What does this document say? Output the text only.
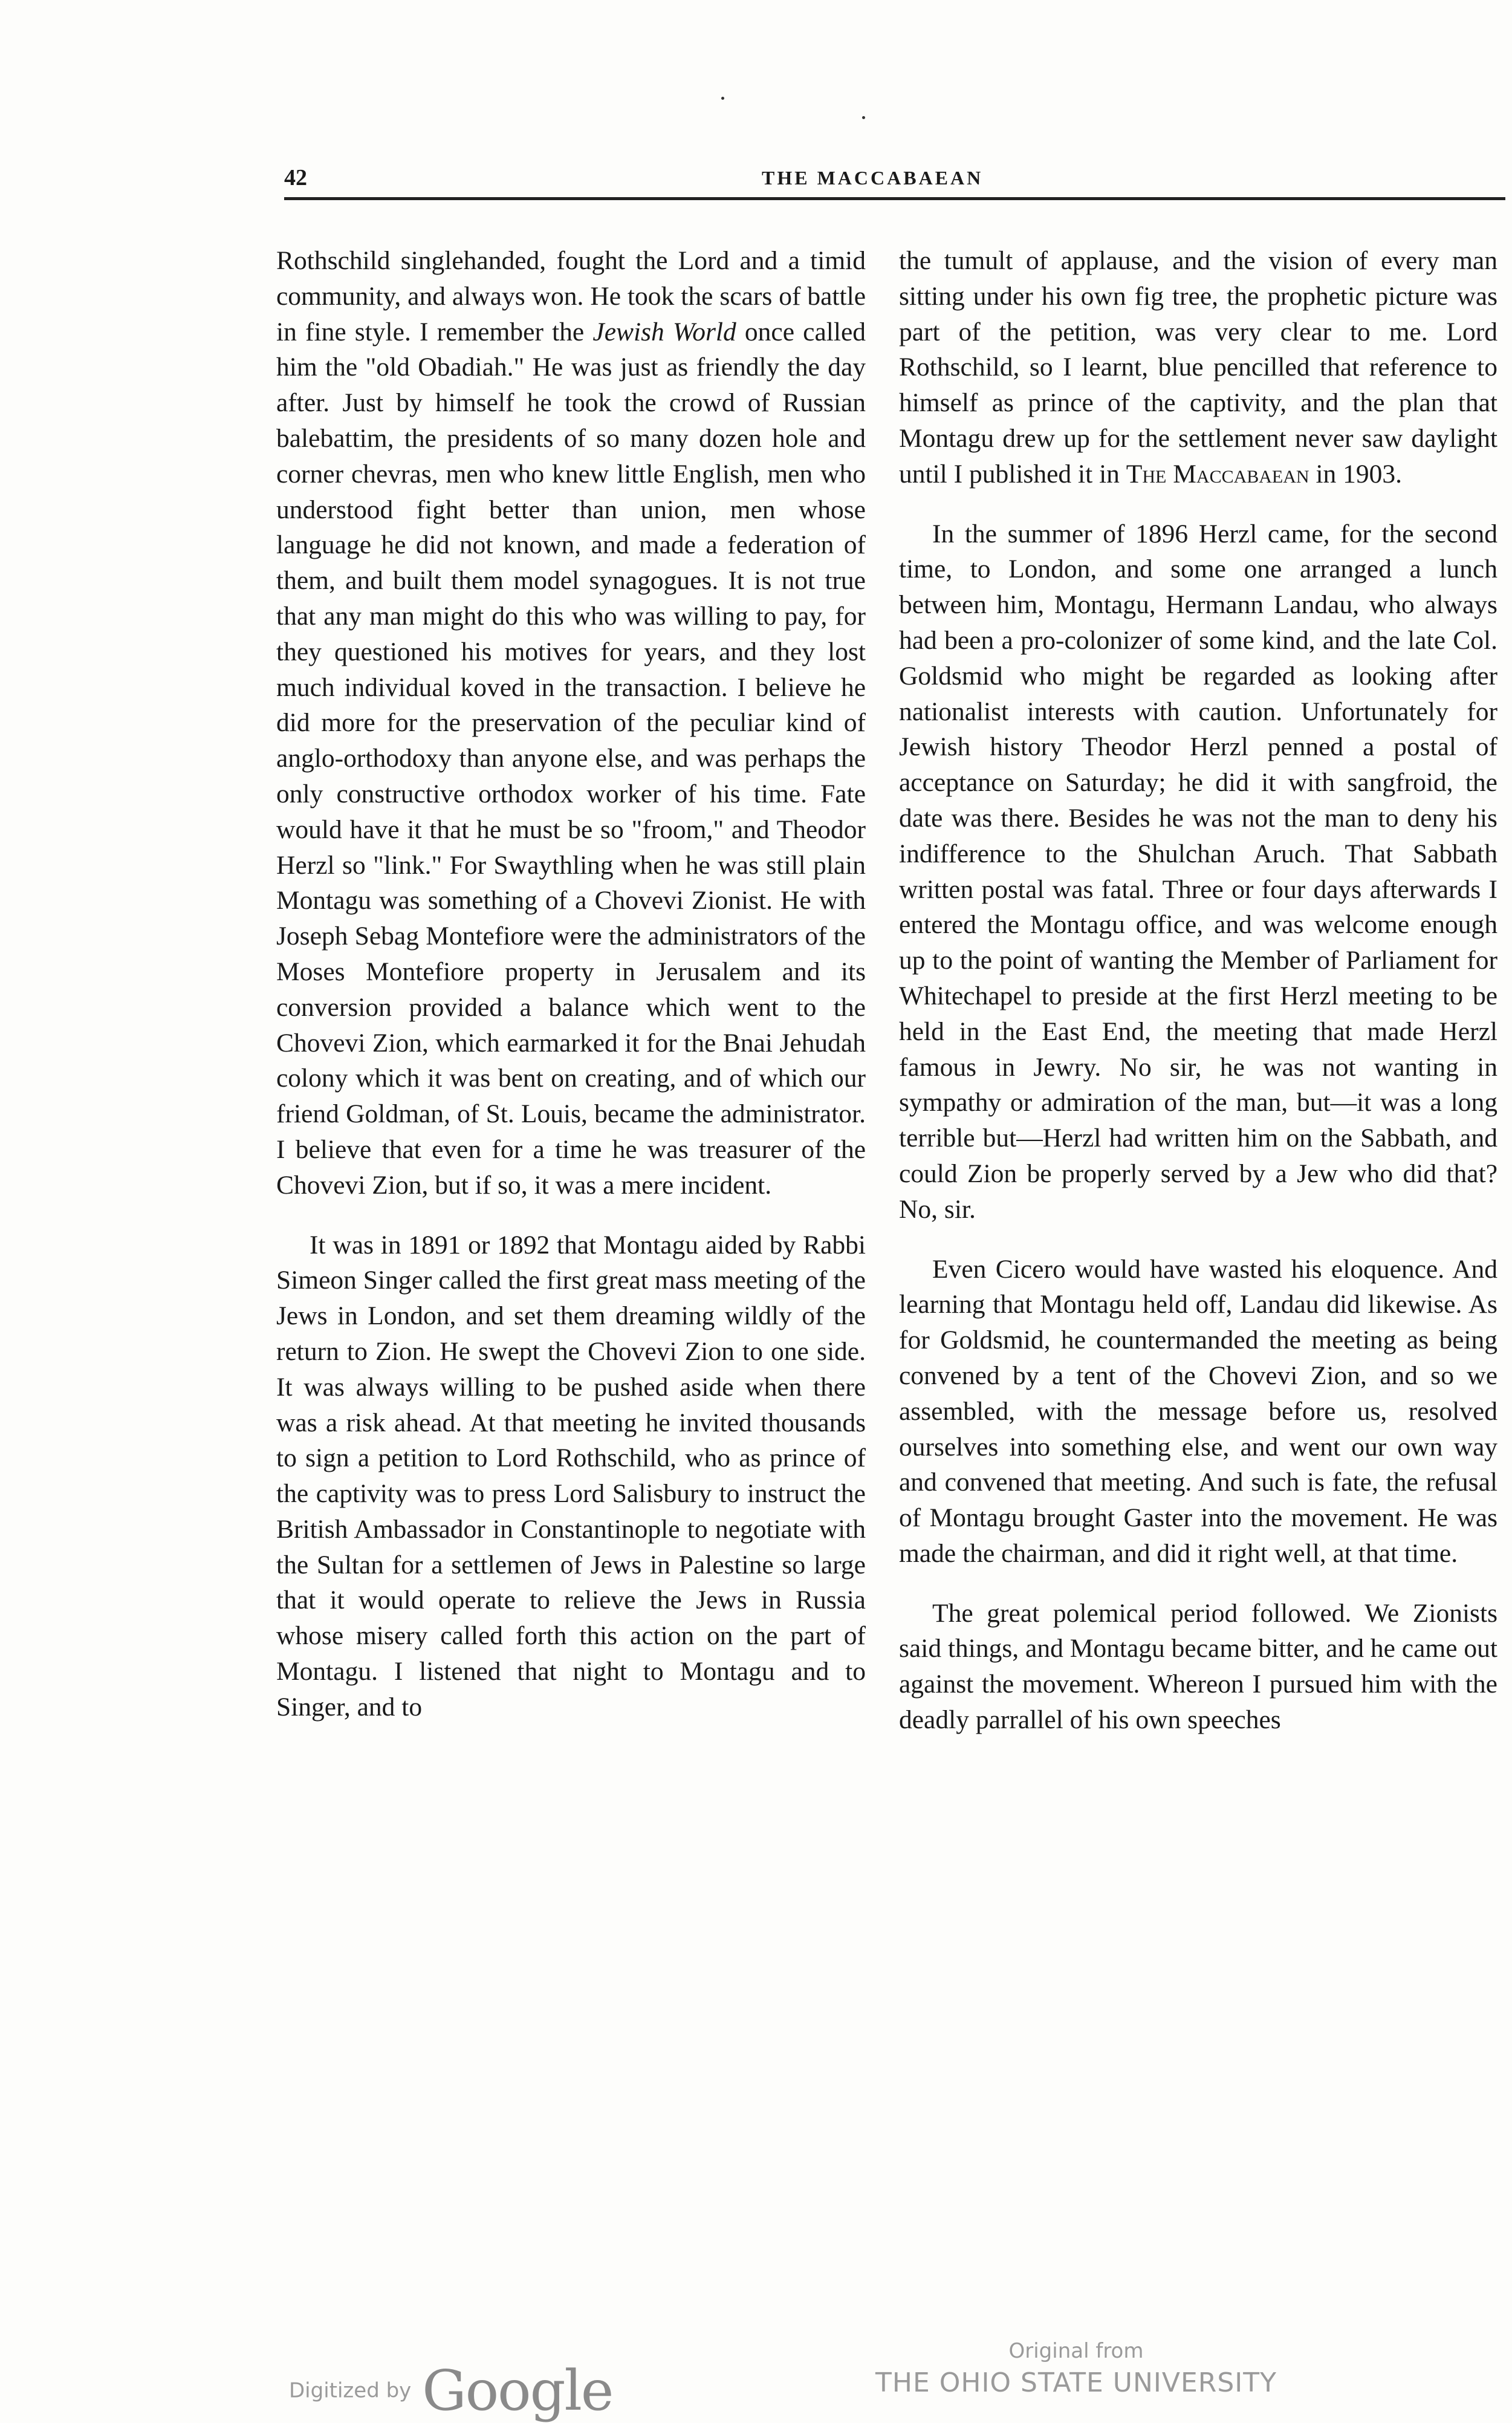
42	THE MACCABAEAN

Rothschild singlehanded, fought the Lord and a timid community, and always won. He took the scars of battle in fine style. I remember the Jewish World once called him the "old Obadiah." He was just as friendly the day after. Just by himself he took the crowd of Russian balebattim, the presidents of so many dozen hole and corner chevras, men who knew little English, men who understood fight better than union, men whose language he did not known, and made a federation of them, and built them model synagogues. It is not true that any man might do this who was willing to pay, for they questioned his motives for years, and they lost much individual koved in the transaction. I believe he did more for the preservation of the peculiar kind of anglo-orthodoxy than anyone else, and was perhaps the only constructive orthodox worker of his time. Fate would have it that he must be so "froom," and Theodor Herzl so "link." For Swaythling when he was still plain Montagu was something of a Chovevi Zionist. He with Joseph Sebag Montefiore were the administrators of the Moses Montefiore property in Jerusalem and its conversion provided a balance which went to the Chovevi Zion, which earmarked it for the Bnai Jehudah colony which it was bent on creating, and of which our friend Goldman, of St. Louis, became the administrator. I believe that even for a time he was treasurer of the Chovevi Zion, but if so, it was a mere incident.

It was in 1891 or 1892 that Montagu aided by Rabbi Simeon Singer called the first great mass meeting of the Jews in London, and set them dreaming wildly of the return to Zion. He swept the Chovevi Zion to one side. It was always willing to be pushed aside when there was a risk ahead. At that meeting he invited thousands to sign a petition to Lord Rothschild, who as prince of the captivity was to press Lord Salisbury to instruct the British Ambassador in Constantinople to negotiate with the Sultan for a settlemen of Jews in Palestine so large that it would operate to relieve the Jews in Russia whose misery called forth this action on the part of Montagu. I listened that night to Montagu and to Singer, and to

the tumult of applause, and the vision of every man sitting under his own fig tree, the prophetic picture was part of the petition, was very clear to me. Lord Rothschild, so I learnt, blue pencilled that reference to himself as prince of the captivity, and the plan that Montagu drew up for the settlement never saw daylight until I published it in The Maccabaean in 1903.

In the summer of 1896 Herzl came, for the second time, to London, and some one arranged a lunch between him, Montagu, Hermann Landau, who always had been a pro-colonizer of some kind, and the late Col. Goldsmid who might be regarded as looking after nationalist interests with caution. Unfortunately for Jewish history Theodor Herzl penned a postal of acceptance on Saturday; he did it with sangfroid, the date was there. Besides he was not the man to deny his indifference to the Shulchan Aruch. That Sabbath written postal was fatal. Three or four days afterwards I entered the Montagu office, and was welcome enough up to the point of wanting the Member of Parliament for Whitechapel to preside at the first Herzl meeting to be held in the East End, the meeting that made Herzl famous in Jewry. No sir, he was not wanting in sympathy or admiration of the man, but—it was a long terrible but—Herzl had written him on the Sabbath, and could Zion be properly served by a Jew who did that? No, sir.

Even Cicero would have wasted his eloquence. And learning that Montagu held off, Landau did likewise. As for Goldsmid, he countermanded the meeting as being convened by a tent of the Chovevi Zion, and so we assembled, with the message before us, resolved ourselves into something else, and went our own way and convened that meeting. And such is fate, the refusal of Montagu brought Gaster into the movement. He was made the chairman, and did it right well, at that time.

The great polemical period followed. We Zionists said things, and Montagu became bitter, and he came out against the movement. Whereon I pursued him with the deadly parrallel of his own speeches

Digitized by Google
Original from
THE OHIO STATE UNIVERSITY
